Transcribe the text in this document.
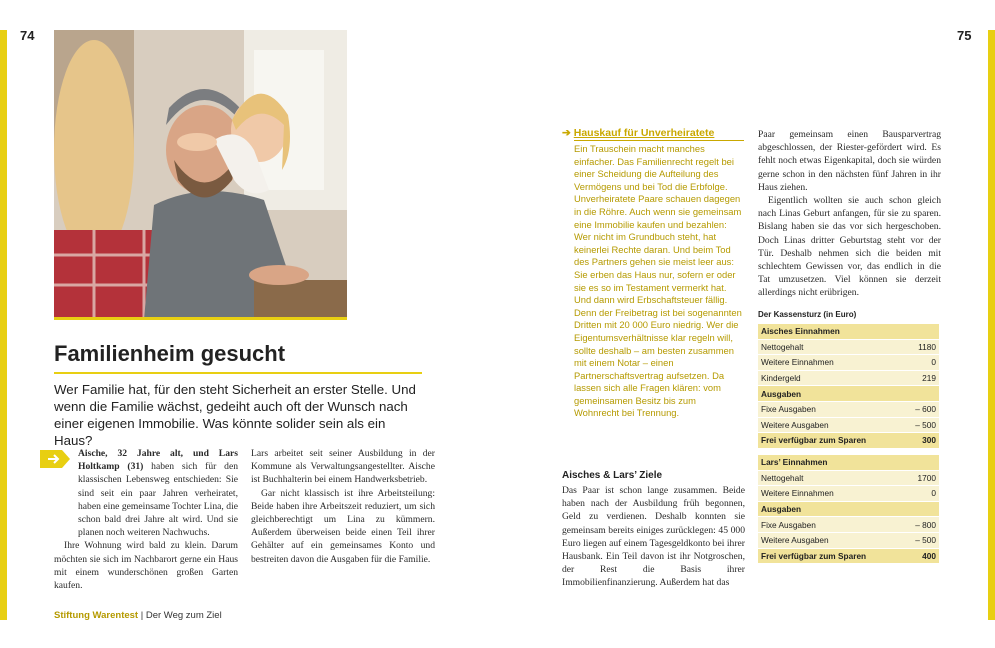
74	75
Familienheim gesucht

Wer Familie hat, für den steht Sicherheit an erster Stelle. Und wenn die Familie wächst, gedeiht auch oft der Wunsch nach einer eigenen Immobilie. Was könnte solider sein als ein Haus?

Aische, 32 Jahre alt, und Lars Holtkamp (31) haben sich für den klassischen Lebensweg entschieden: Sie sind seit ein paar Jahren verheiratet, haben eine gemeinsame Tochter Lina, die schon bald drei Jahre alt wird. Und sie planen noch weiteren Nachwuchs.

Ihre Wohnung wird bald zu klein. Darum möchten sie sich im Nachbarort gerne ein Haus mit einem wunderschönen großen Garten kaufen.

Lars arbeitet seit seiner Ausbildung in der Kommune als Verwaltungsangestellter. Aische ist Buchhalterin bei einem Handwerksbetrieb.

Gar nicht klassisch ist ihre Arbeitsteilung: Beide haben ihre Arbeitszeit reduziert, um sich gleichberechtigt um Lina zu kümmern. Außerdem überweisen beide einen Teil ihrer Gehälter auf ein gemeinsames Konto und bestreiten davon die Ausgaben für die Familie.

Stiftung Warentest | Der Weg zum Ziel
➔ Hauskauf für Unverheiratete

Ein Trauschein macht manches einfacher. Das Familienrecht regelt bei einer Scheidung die Aufteilung des Vermögens und bei Tod die Erbfolge. Unverheiratete Paare schauen dagegen in die Röhre. Auch wenn sie gemeinsam eine Immobilie kaufen und bezahlen: Wer nicht im Grundbuch steht, hat keinerlei Rechte daran. Und beim Tod des Partners gehen sie meist leer aus: Sie erben das Haus nur, sofern er oder sie es so im Testament vermerkt hat. Und dann wird Erbschaftsteuer fällig. Denn der Freibetrag ist bei sogenannten Dritten mit 20 000 Euro niedrig. Wer die Eigentumsverhältnisse klar regeln will, sollte deshalb – am besten zusammen mit einem Notar – einen Partnerschaftsvertrag aufsetzen. Da lassen sich alle Fragen klären: vom gemeinsamen Besitz bis zum Wohnrecht bei Trennung.

Aisches & Lars’ Ziele

Das Paar ist schon lange zusammen. Beide haben nach der Ausbildung früh begonnen, Geld zu verdienen. Deshalb konnten sie gemeinsam bereits einiges zurücklegen: 45 000 Euro liegen auf einem Tagesgeldkonto bei ihrer Hausbank. Ein Teil davon ist ihr Notgroschen, der Rest die Basis ihrer Immobilienfinanzierung. Außerdem hat das

Paar gemeinsam einen Bausparvertrag abgeschlossen, der Riester-gefördert wird. Es fehlt noch etwas Eigenkapital, doch sie würden gerne schon in den nächsten fünf Jahren in ihr Haus ziehen.

Eigentlich wollten sie auch schon gleich nach Linas Geburt anfangen, für sie zu sparen. Bislang haben sie das vor sich hergeschoben. Doch Linas dritter Geburtstag steht vor der Tür. Deshalb nehmen sich die beiden mit schlechtem Gewissen vor, das endlich in die Tat umzusetzen. Viel können sie derzeit allerdings nicht erübrigen.

Der Kassensturz (in Euro)
Aisches Einnahmen	
Nettogehalt	1180
Weitere Einnahmen	0
Kindergeld	219
Ausgaben	
Fixe Ausgaben	– 600
Weitere Ausgaben	– 500
Frei verfügbar zum Sparen	300
Lars’ Einnahmen	
Nettogehalt	1700
Weitere Einnahmen	0
Ausgaben	
Fixe Ausgaben	– 800
Weitere Ausgaben	– 500
Frei verfügbar zum Sparen	400
